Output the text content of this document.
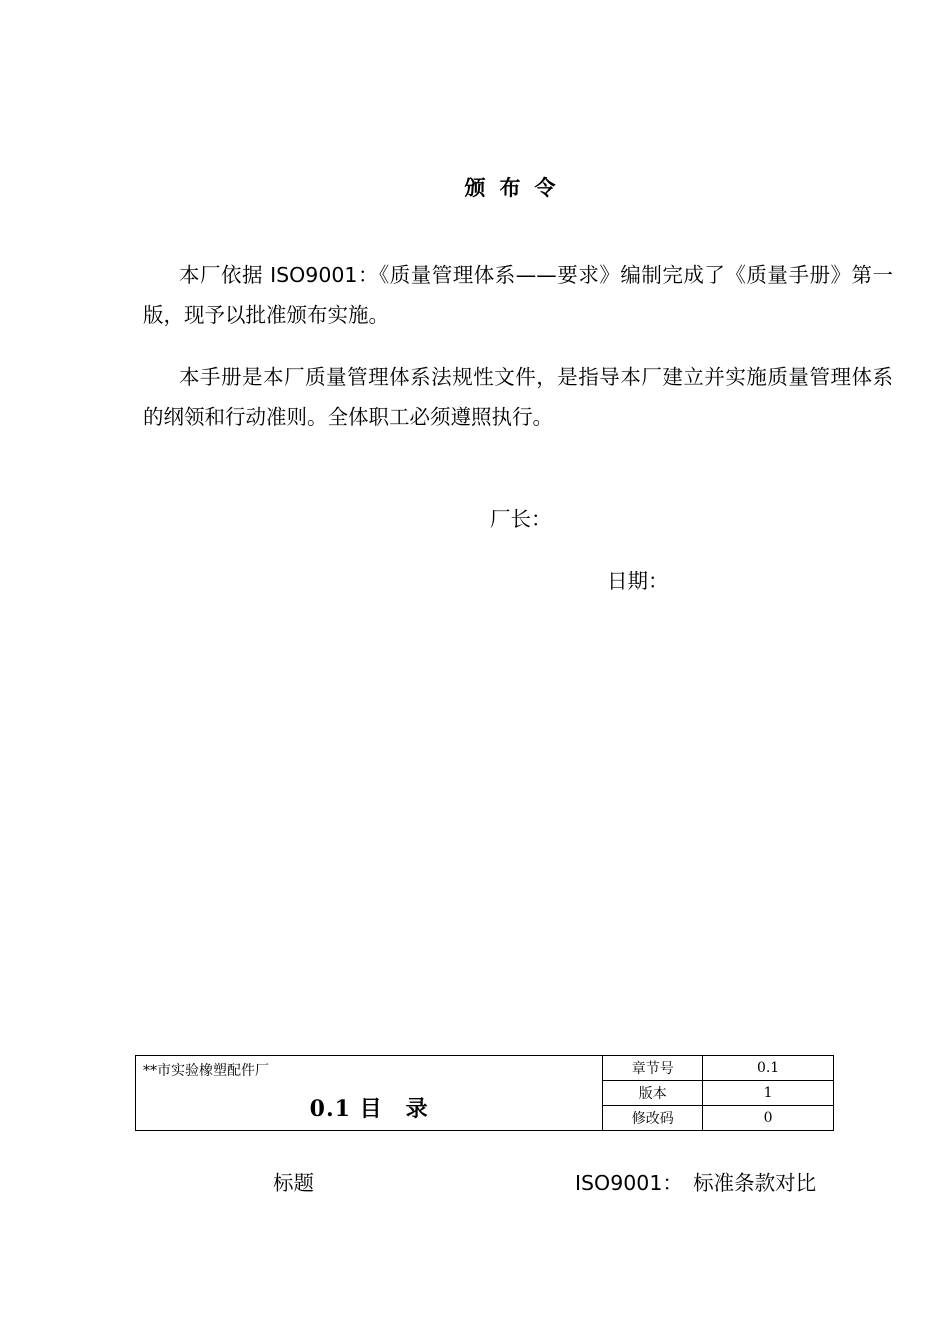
颁布令
本厂依据 ISO9001：《质量管理体系——要求》编制完成了《质量手册》第一版，现予以批准颁布实施。
本手册是本厂质量管理体系法规性文件，是指导本厂建立并实施质量管理体系的纲领和行动准则。全体职工必须遵照执行。
厂长：
日期：
**市实验橡塑配件厂
0.1 目　录	章节号	0.1
	版本	1
	修改码	0
标题	ISO9001：　标准条款对比
